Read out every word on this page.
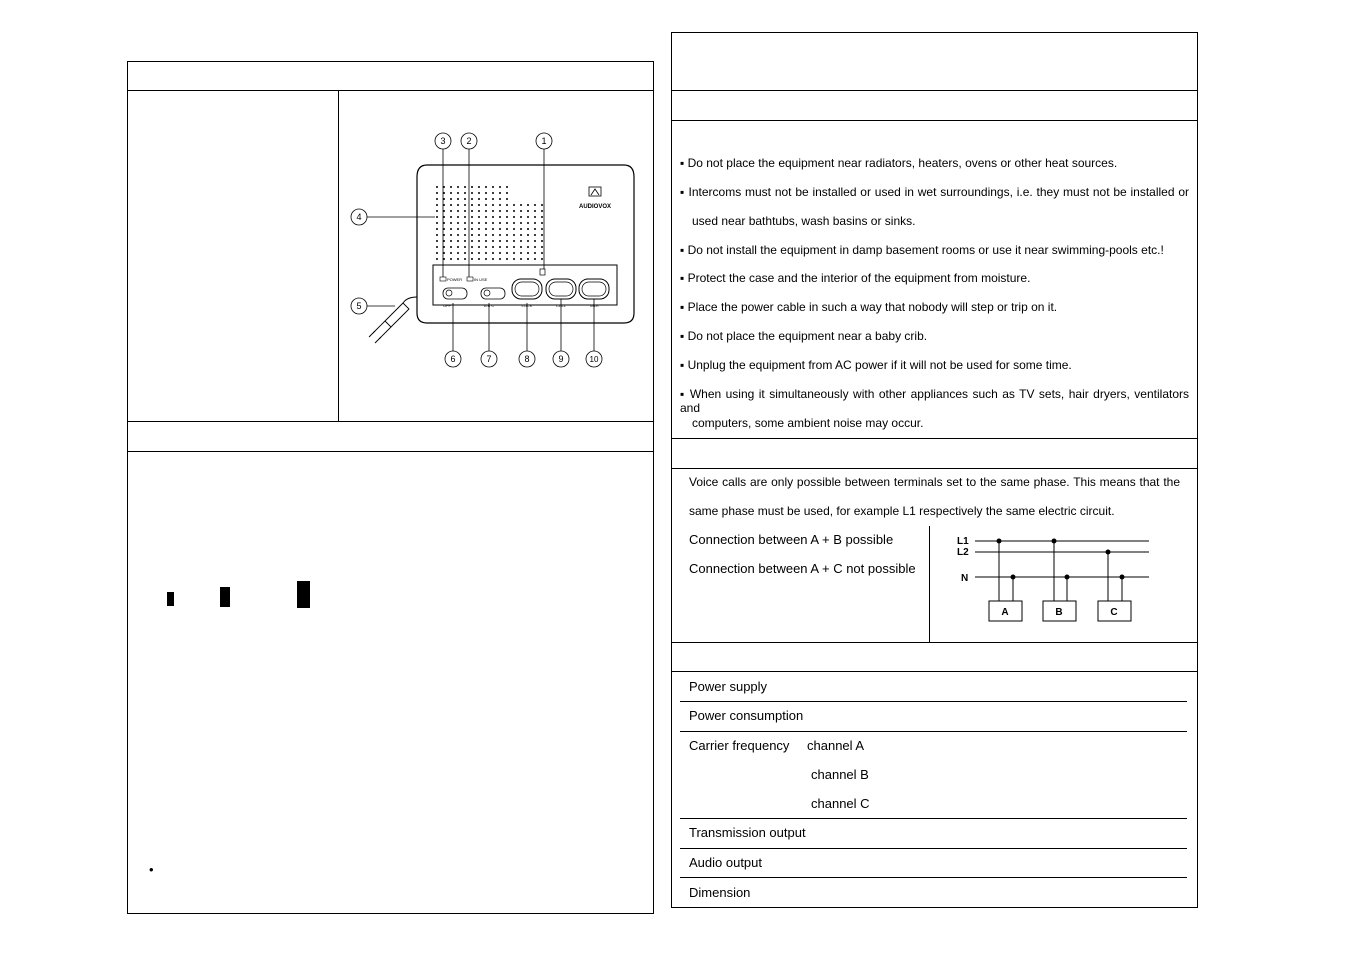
AUDIOVOX
POWER	IN USE
OFF	A B C	LOCK	CALL	TALK
1
2
3
4
5
6	7	8	9	10
•
▪ Do not place the equipment near radiators, heaters, ovens or other heat sources.
▪ Intercoms must not be installed or used in wet surroundings, i.e. they must not be installed or
used near bathtubs, wash basins or sinks.
▪ Do not install the equipment in damp basement rooms or use it near swimming-pools etc.!
▪ Protect the case and the interior of the equipment from moisture.
▪ Place the power cable in such a way that nobody will step or trip on it.
▪ Do not place the equipment near a baby crib.
▪ Unplug the equipment from AC power if it will not be used for some time.
▪ When using it simultaneously with other appliances such as TV sets, hair dryers, ventilators and
computers, some ambient noise may occur.
Voice calls are only possible between terminals set to the same phase. This means that the
same phase must be used, for example L1 respectively the same electric circuit.
Connection between A + B possible
Connection between A + C not possible
L1
L2
N
A	B	C
Power supply
Power consumption
Carrier frequency channel A
channel B
channel C
Transmission output
Audio output
Dimension
